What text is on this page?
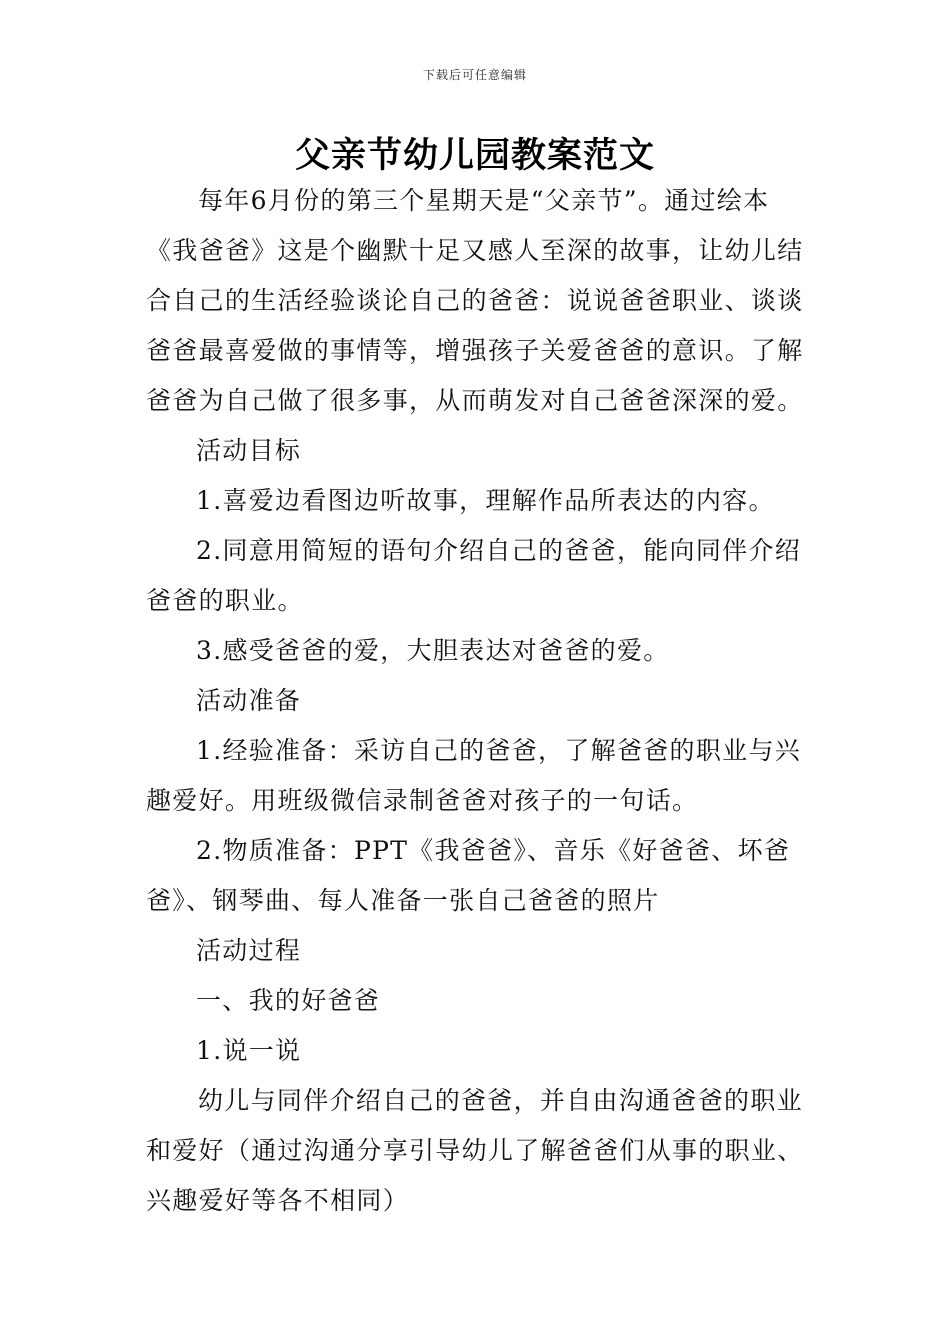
下载后可任意编辑
父亲节幼儿园教案范文

每年6月份的第三个星期天是“父亲节”。通过绘本《我爸爸》这是个幽默十足又感人至深的故事，让幼儿结合自己的生活经验谈论自己的爸爸：说说爸爸职业、谈谈爸爸最喜爱做的事情等，增强孩子关爱爸爸的意识。了解爸爸为自己做了很多事，从而萌发对自己爸爸深深的爱。

活动目标

1.喜爱边看图边听故事，理解作品所表达的内容。

2.同意用简短的语句介绍自己的爸爸，能向同伴介绍爸爸的职业。

3.感受爸爸的爱，大胆表达对爸爸的爱。

活动准备

1.经验准备：采访自己的爸爸，了解爸爸的职业与兴趣爱好。用班级微信录制爸爸对孩子的一句话。

2.物质准备：PPT《我爸爸》、音乐《好爸爸、坏爸爸》、钢琴曲、每人准备一张自己爸爸的照片

活动过程

一、我的好爸爸

1.说一说

幼儿与同伴介绍自己的爸爸，并自由沟通爸爸的职业和爱好（通过沟通分享引导幼儿了解爸爸们从事的职业、兴趣爱好等各不相同）
